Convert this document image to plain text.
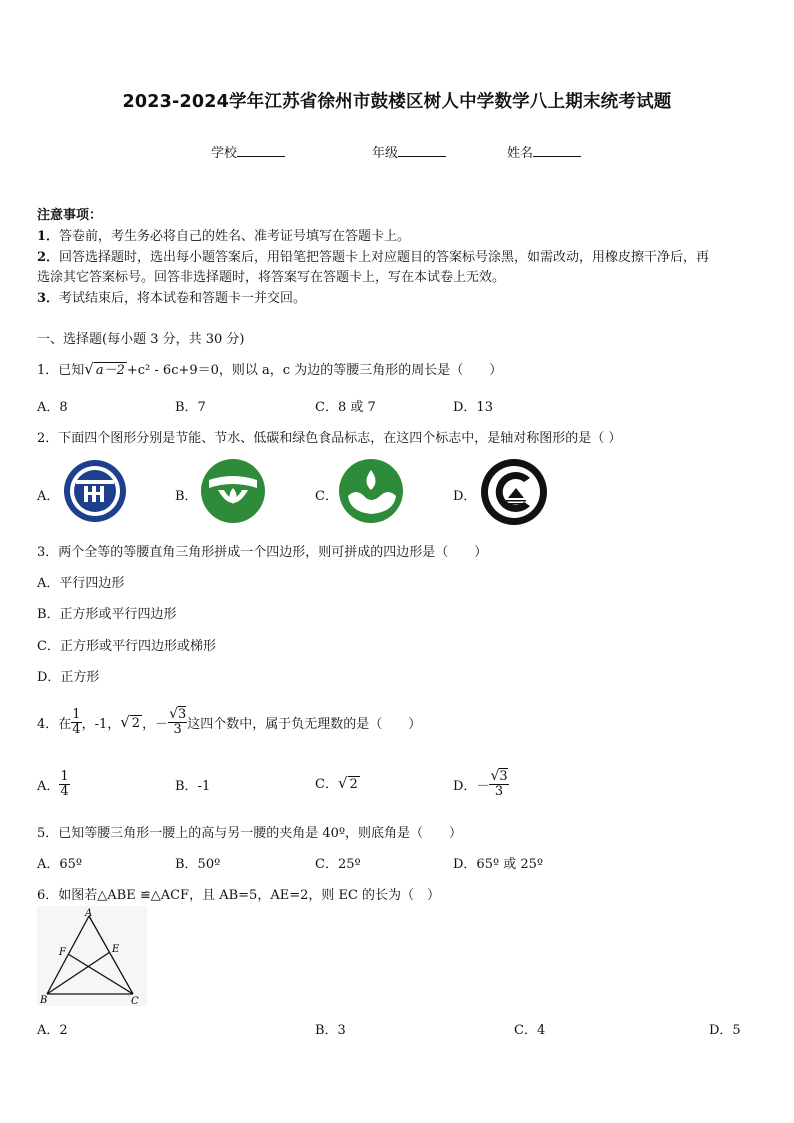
2023-2024学年江苏省徐州市鼓楼区树人中学数学八上期末统考试题
学校	年级	姓名
注意事项：
1．答卷前，考生务必将自己的姓名、准考证号填写在答题卡上。
2．回答选择题时，选出每小题答案后，用铅笔把答题卡上对应题目的答案标号涂黑，如需改动，用橡皮擦干净后，再
选涂其它答案标号。回答非选择题时，将答案写在答题卡上，写在本试卷上无效。
3．考试结束后，将本试卷和答题卡一并交回。
一、选择题(每小题 3 分，共 30 分)
1．已知√ a－2 +c² - 6c+9＝0，则以 a，c 为边的等腰三角形的周长是（　　）
A．8	B．7	C．8 或 7	D．13
2．下面四个图形分别是节能、节水、低碳和绿色食品标志，在这四个标志中，是轴对称图形的是（ ）
A．	B．	C．	D．
3．两个全等的等腰直角三角形拼成一个四边形，则可拼成的四边形是（　　）
A．平行四边形
B．正方形或平行四边形
C．正方形或平行四边形或梯形
D．正方形
4．在 $\frac{1}{4}$ ，-1， √ 2 ，－ $\frac{√3}{3}$ 这四个数中，属于负无理数的是（　　）
A． $\frac{1}{4}$	B．-1	C．√ 2	D．－ $\frac{√3}{3}$
5．已知等腰三角形一腰上的高与另一腰的夹角是 40º，则底角是（　　）
A．65º	B．50º	C．25º	D．65º 或 25º
6．如图若△ABE ≌△ACF，且 AB=5，AE=2，则 EC 的长为（　）
A
F	E
B	C
A．2	B．3	C．4	D．5
